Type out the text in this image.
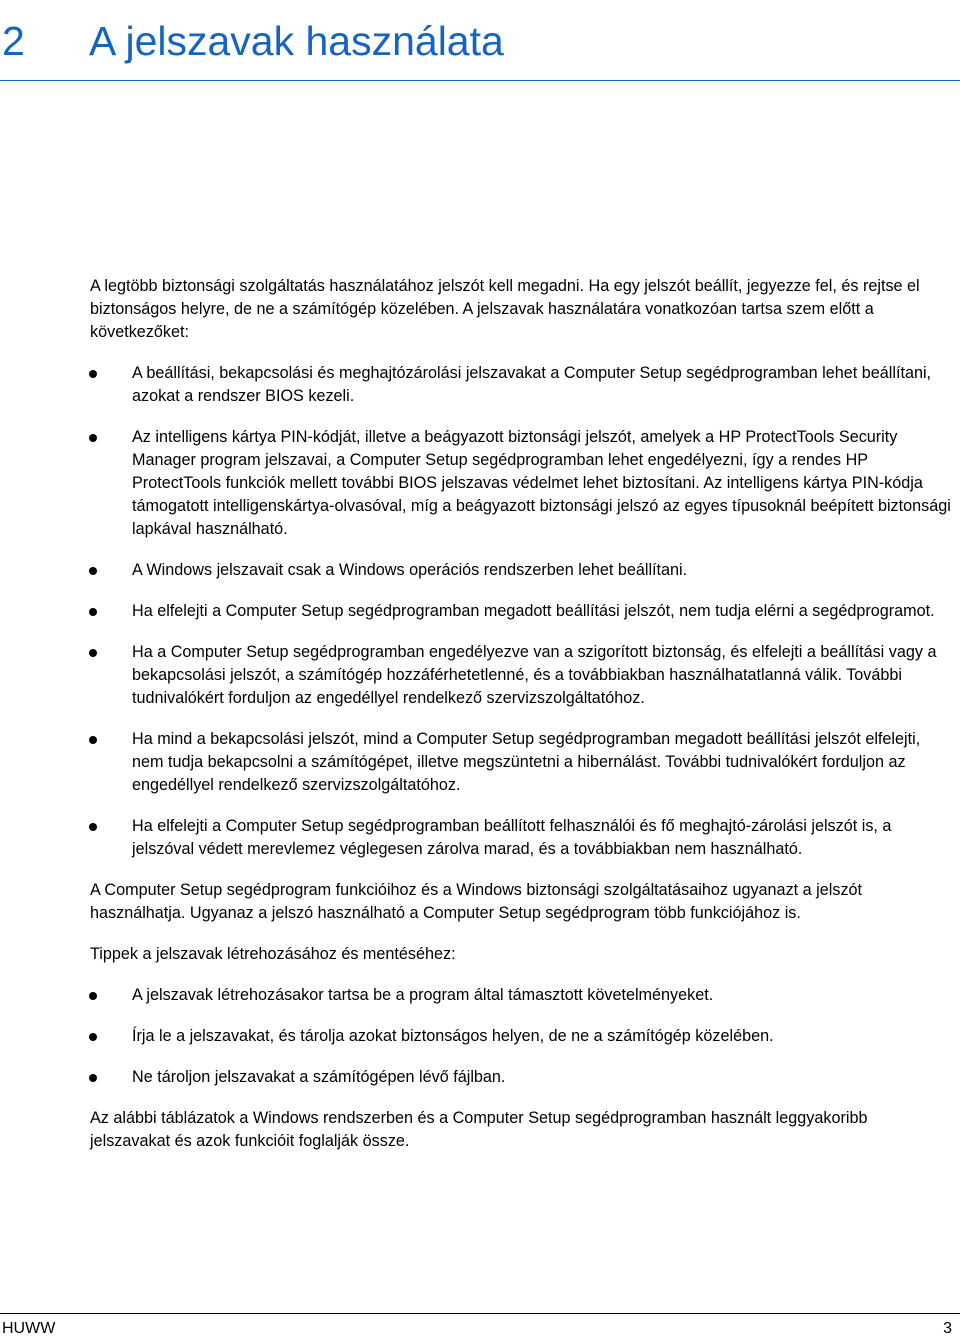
2 A jelszavak használata

A legtöbb biztonsági szolgáltatás használatához jelszót kell megadni. Ha egy jelszót beállít, jegyezze fel, és rejtse el biztonságos helyre, de ne a számítógép közelében. A jelszavak használatára vonatkozóan tartsa szem előtt a következőket:

A beállítási, bekapcsolási és meghajtózárolási jelszavakat a Computer Setup segédprogramban lehet beállítani, azokat a rendszer BIOS kezeli.
Az intelligens kártya PIN-kódját, illetve a beágyazott biztonsági jelszót, amelyek a HP ProtectTools Security Manager program jelszavai, a Computer Setup segédprogramban lehet engedélyezni, így a rendes HP ProtectTools funkciók mellett további BIOS jelszavas védelmet lehet biztosítani. Az intelligens kártya PIN-kódja támogatott intelligenskártya-olvasóval, míg a beágyazott biztonsági jelszó az egyes típusoknál beépített biztonsági lapkával használható.
A Windows jelszavait csak a Windows operációs rendszerben lehet beállítani.
Ha elfelejti a Computer Setup segédprogramban megadott beállítási jelszót, nem tudja elérni a segédprogramot.
Ha a Computer Setup segédprogramban engedélyezve van a szigorított biztonság, és elfelejti a beállítási vagy a bekapcsolási jelszót, a számítógép hozzáférhetetlenné, és a továbbiakban használhatatlanná válik. További tudnivalókért forduljon az engedéllyel rendelkező szervizszolgáltatóhoz.
Ha mind a bekapcsolási jelszót, mind a Computer Setup segédprogramban megadott beállítási jelszót elfelejti, nem tudja bekapcsolni a számítógépet, illetve megszüntetni a hibernálást. További tudnivalókért forduljon az engedéllyel rendelkező szervizszolgáltatóhoz.
Ha elfelejti a Computer Setup segédprogramban beállított felhasználói és fő meghajtó-zárolási jelszót is, a jelszóval védett merevlemez véglegesen zárolva marad, és a továbbiakban nem használható.

A Computer Setup segédprogram funkcióihoz és a Windows biztonsági szolgáltatásaihoz ugyanazt a jelszót használhatja. Ugyanaz a jelszó használható a Computer Setup segédprogram több funkciójához is.

Tippek a jelszavak létrehozásához és mentéséhez:

A jelszavak létrehozásakor tartsa be a program által támasztott követelményeket.
Írja le a jelszavakat, és tárolja azokat biztonságos helyen, de ne a számítógép közelében.
Ne tároljon jelszavakat a számítógépen lévő fájlban.

Az alábbi táblázatok a Windows rendszerben és a Computer Setup segédprogramban használt leggyakoribb jelszavakat és azok funkcióit foglalják össze.

HUWW	3
